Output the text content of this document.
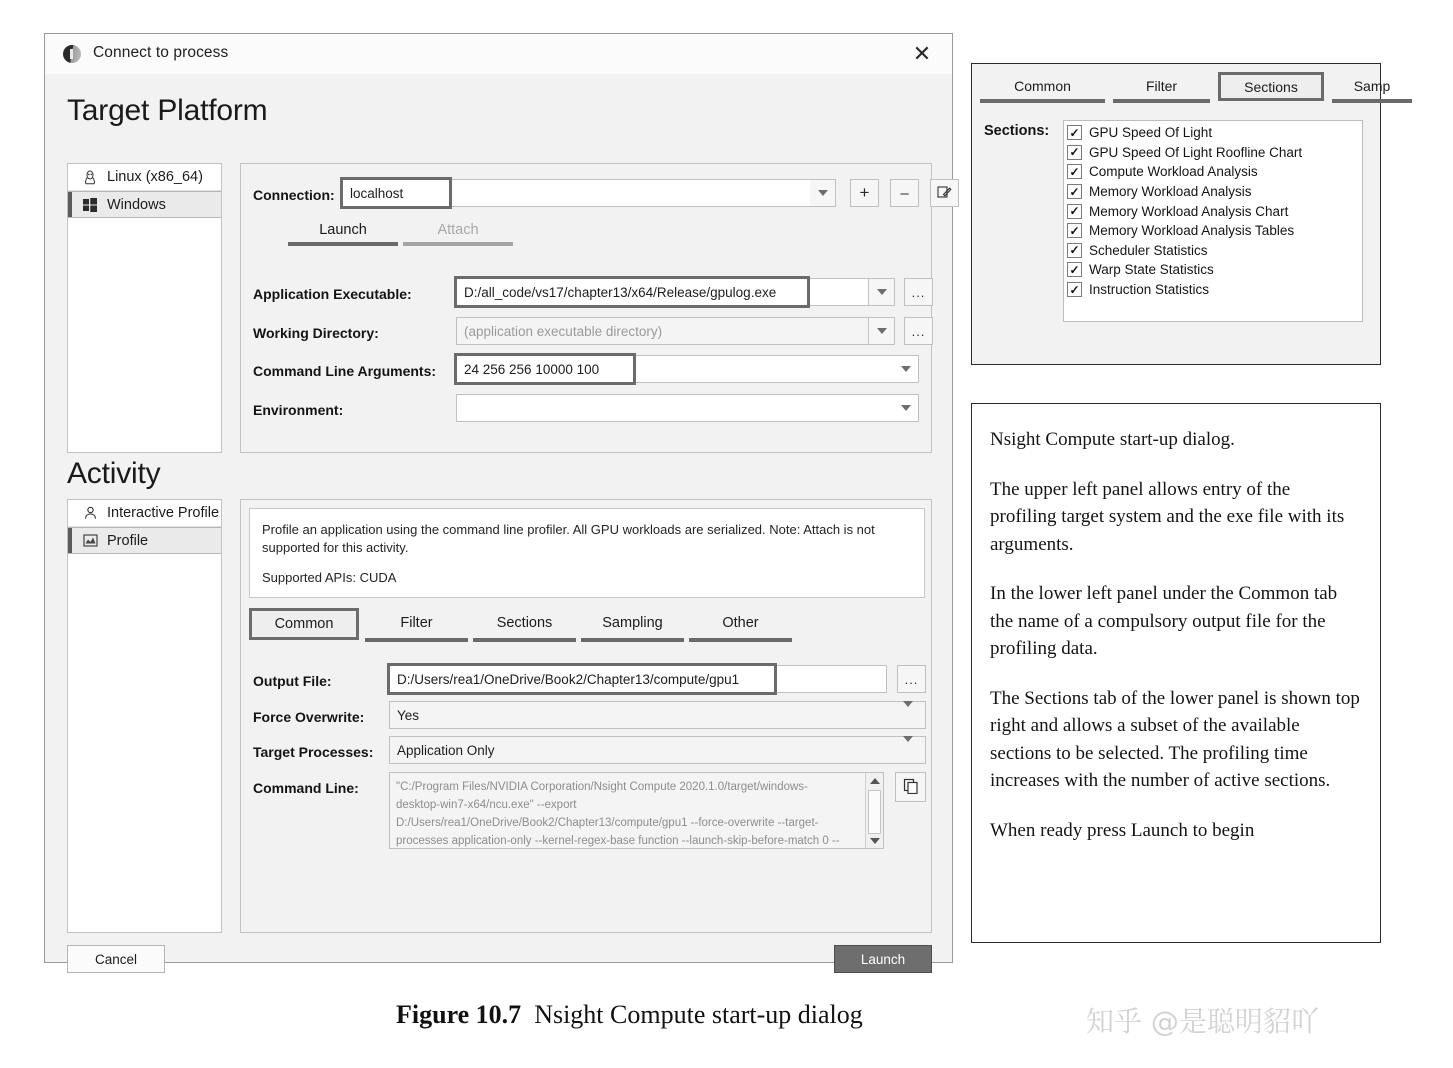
Connect to process	✕
Target Platform
Linux (x86_64)
Windows
Connection:	localhost	+	–
Launch	Attach
Application Executable:	D:/all_code/vs17/chapter13/x64/Release/gpulog.exe	...
Working Directory:	(application executable directory)	...
Command Line Arguments:	24 256 256 10000 100
Environment:
Activity
Interactive Profile
Profile
Profile an application using the command line profiler. All GPU workloads are serialized. Note: Attach is not supported for this activity.
Supported APIs: CUDA
Common	Filter	Sections	Sampling	Other
Output File:	D:/Users/rea1/OneDrive/Book2/Chapter13/compute/gpu1	...
Force Overwrite:	Yes
Target Processes:	Application Only
Command Line:	"C:/Program Files/NVIDIA Corporation/Nsight Compute 2020.1.0/target/windows-desktop-win7-x64/ncu.exe" --export D:/Users/rea1/OneDrive/Book2/Chapter13/compute/gpu1 --force-overwrite --target-processes application-only --kernel-regex-base function --launch-skip-before-match 0 --
Cancel	Launch
Common	Filter	Sections	Samp
Sections: ✓ GPU Speed Of Light
✓ GPU Speed Of Light Roofline Chart
✓ Compute Workload Analysis
✓ Memory Workload Analysis
✓ Memory Workload Analysis Chart
✓ Memory Workload Analysis Tables
✓ Scheduler Statistics
✓ Warp State Statistics
✓ Instruction Statistics

Nsight Compute start-up dialog.

The upper left panel allows entry of the profiling target system and the exe file with its arguments.

In the lower left panel under the Common tab the name of a compulsory output file for the profiling data.

The Sections tab of the lower panel is shown top right and allows a subset of the available sections to be selected. The profiling time increases with the number of active sections.

When ready press Launch to begin

Figure 10.7 Nsight Compute start-up dialog	知乎 @是聪明貂吖
